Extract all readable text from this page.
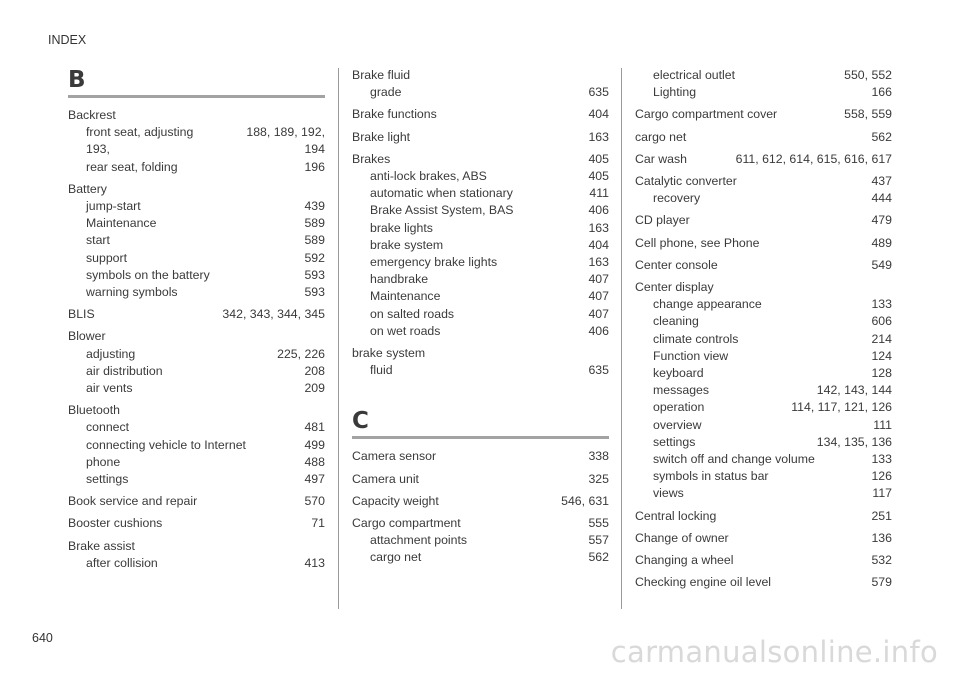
INDEX
B
Backrest
front seat, adjusting	188, 189, 192,
193,	194
rear seat, folding	196
Battery
jump-start	439
Maintenance	589
start	589
support	592
symbols on the battery	593
warning symbols	593
BLIS	342, 343, 344, 345
Blower
adjusting	225, 226
air distribution	208
air vents	209
Bluetooth
connect	481
connecting vehicle to Internet	499
phone	488
settings	497
Book service and repair	570
Booster cushions	71
Brake assist
after collision	413
Brake fluid
grade	635
Brake functions	404
Brake light	163
Brakes	405
anti-lock brakes, ABS	405
automatic when stationary	411
Brake Assist System, BAS	406
brake lights	163
brake system	404
emergency brake lights	163
handbrake	407
Maintenance	407
on salted roads	407
on wet roads	406
brake system
fluid	635
C
Camera sensor	338
Camera unit	325
Capacity weight	546, 631
Cargo compartment	555
attachment points	557
cargo net	562
electrical outlet	550, 552
Lighting	166
Cargo compartment cover	558, 559
cargo net	562
Car wash	611, 612, 614, 615, 616, 617
Catalytic converter	437
recovery	444
CD player	479
Cell phone, see Phone	489
Center console	549
Center display
change appearance	133
cleaning	606
climate controls	214
Function view	124
keyboard	128
messages	142, 143, 144
operation	114, 117, 121, 126
overview	111
settings	134, 135, 136
switch off and change volume	133
symbols in status bar	126
views	117
Central locking	251
Change of owner	136
Changing a wheel	532
Checking engine oil level	579
640	carmanualsonline.info
